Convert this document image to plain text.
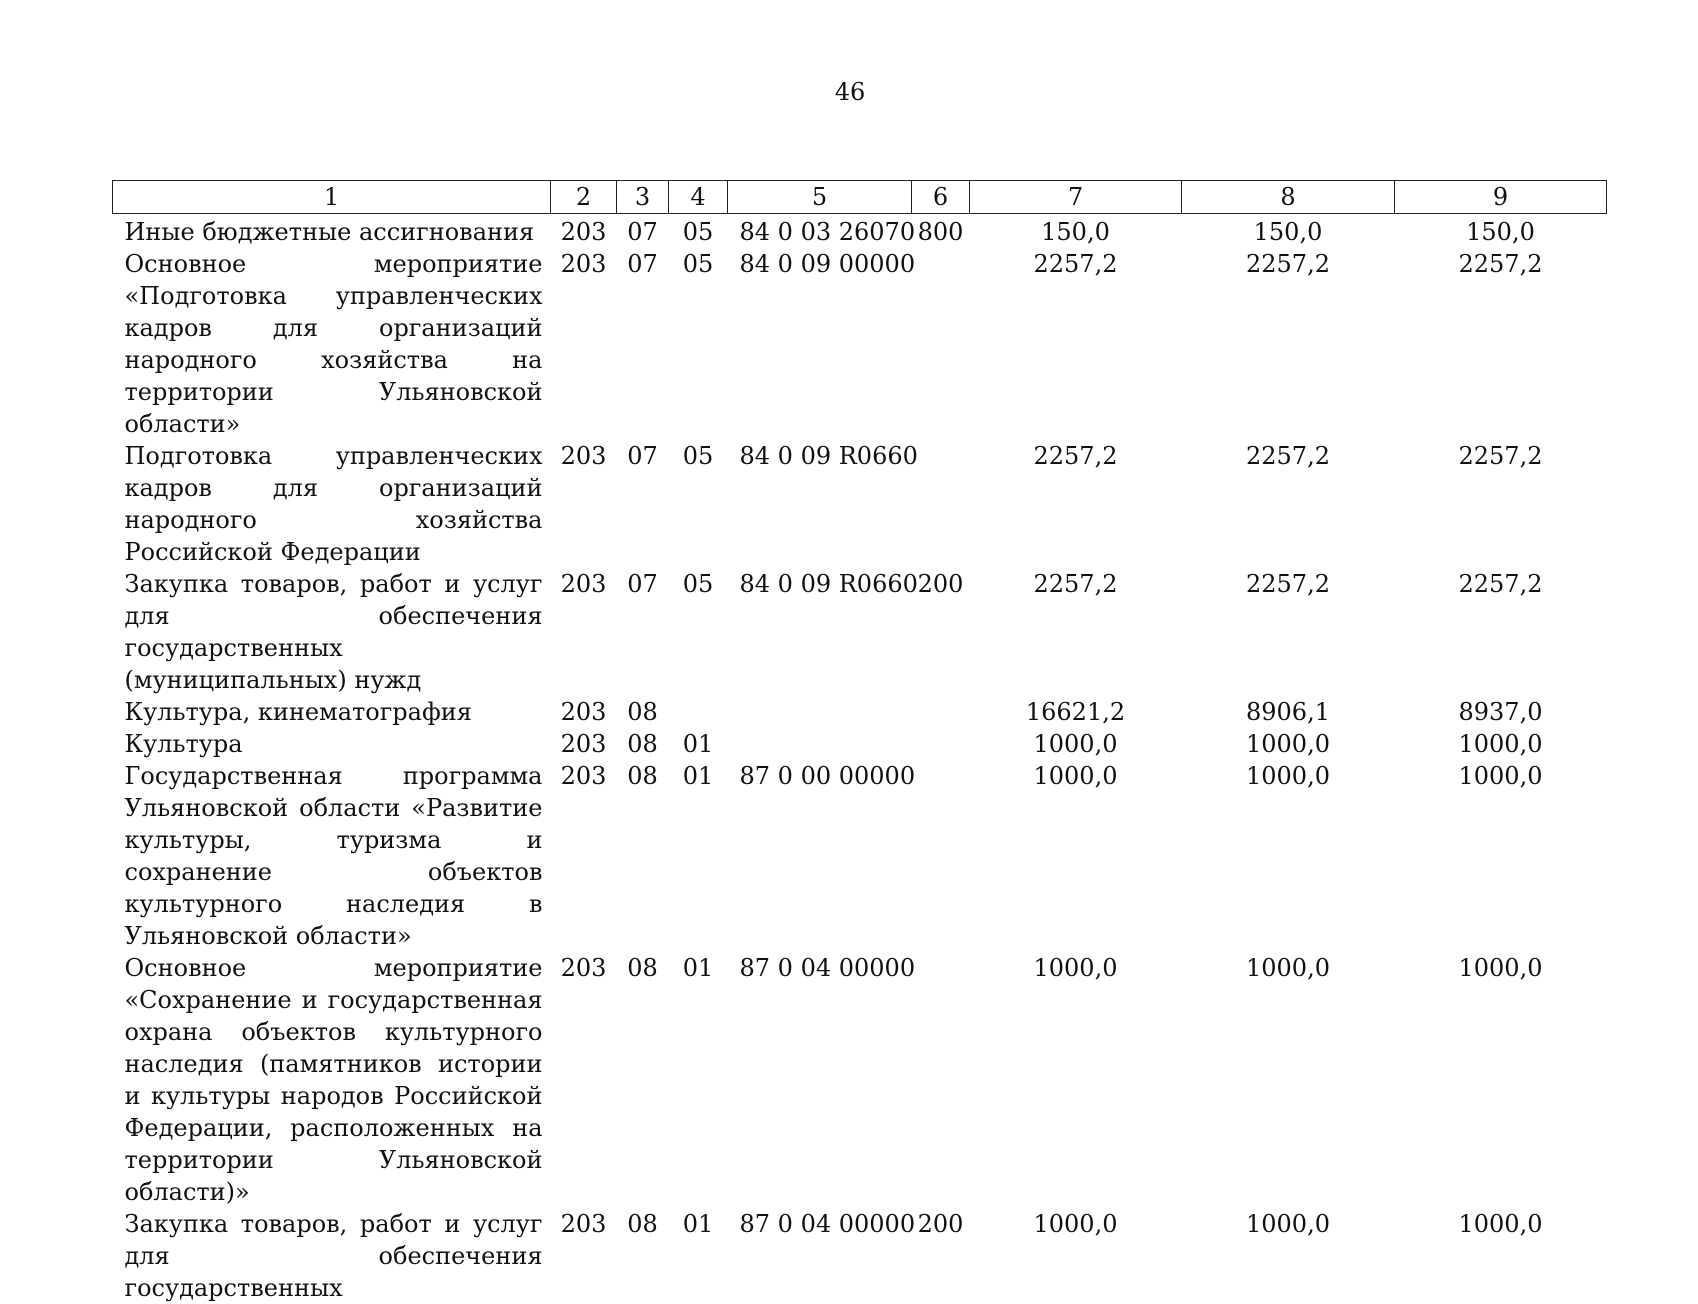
46
1	2	3	4	5	6	7	8	9
Иные бюджетные ассигнования	203	07	05	84 0 03 26070	800	150,0	150,0	150,0
Основное мероприятие «Подготовка управленческих кадров для организаций народного хозяйства на территории Ульяновской области»	203	07	05	84 0 09 00000		2257,2	2257,2	2257,2
Подготовка управленческих кадров для организаций народного хозяйства Российской Федерации	203	07	05	84 0 09 R0660		2257,2	2257,2	2257,2
Закупка товаров, работ и услуг для обеспечения государственных (муниципальных) нужд	203	07	05	84 0 09 R0660	200	2257,2	2257,2	2257,2
Культура, кинематография	203	08				16621,2	8906,1	8937,0
Культура	203	08	01			1000,0	1000,0	1000,0
Государственная программа Ульяновской области «Развитие культуры, туризма и сохранение объектов культурного наследия в Ульяновской области»	203	08	01	87 0 00 00000		1000,0	1000,0	1000,0
Основное мероприятие «Сохранение и государственная охрана объектов культурного наследия (памятников истории и культуры народов Российской Федерации, расположенных на территории Ульяновской области)»	203	08	01	87 0 04 00000		1000,0	1000,0	1000,0
Закупка товаров, работ и услуг для обеспечения государственных	203	08	01	87 0 04 00000	200	1000,0	1000,0	1000,0
